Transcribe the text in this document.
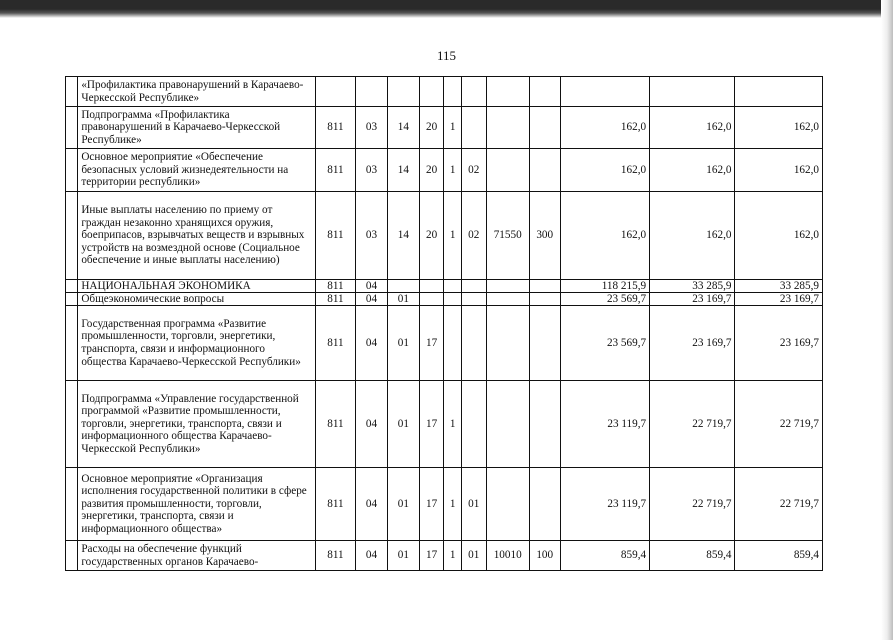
115
	«Профилактика правонарушений в Карачаево-Черкесской Республике»											
	Подпрограмма «Профилактика правонарушений в Карачаево-Черкесской Республике»	811	03	14	20	1				162,0	162,0	162,0
	Основное мероприятие «Обеспечение безопасных условий жизнедеятельности на территории республики»	811	03	14	20	1	02			162,0	162,0	162,0
	Иные выплаты населению по приему от граждан незаконно хранящихся оружия, боеприпасов, взрывчатых веществ и взрывных устройств на возмездной основе (Социальное обеспечение и иные выплаты населению)	811	03	14	20	1	02	71550	300	162,0	162,0	162,0
	НАЦИОНАЛЬНАЯ ЭКОНОМИКА	811	04							118 215,9	33 285,9	33 285,9
	Общеэкономические вопросы	811	04	01						23 569,7	23 169,7	23 169,7
	Государственная программа «Развитие промышленности, торговли, энергетики, транспорта, связи и информационного общества Карачаево-Черкесской Республики»	811	04	01	17					23 569,7	23 169,7	23 169,7
	Подпрограмма «Управление государственной программой «Развитие промышленности, торговли, энергетики, транспорта, связи и информационного общества Карачаево-Черкесской Республики»	811	04	01	17	1				23 119,7	22 719,7	22 719,7
	Основное мероприятие «Организация исполнения государственной политики в сфере развития промышленности, торговли, энергетики, транспорта, связи и информационного общества»	811	04	01	17	1	01			23 119,7	22 719,7	22 719,7
	Расходы на обеспечение функций государственных органов Карачаево-	811	04	01	17	1	01	10010	100	859,4	859,4	859,4
